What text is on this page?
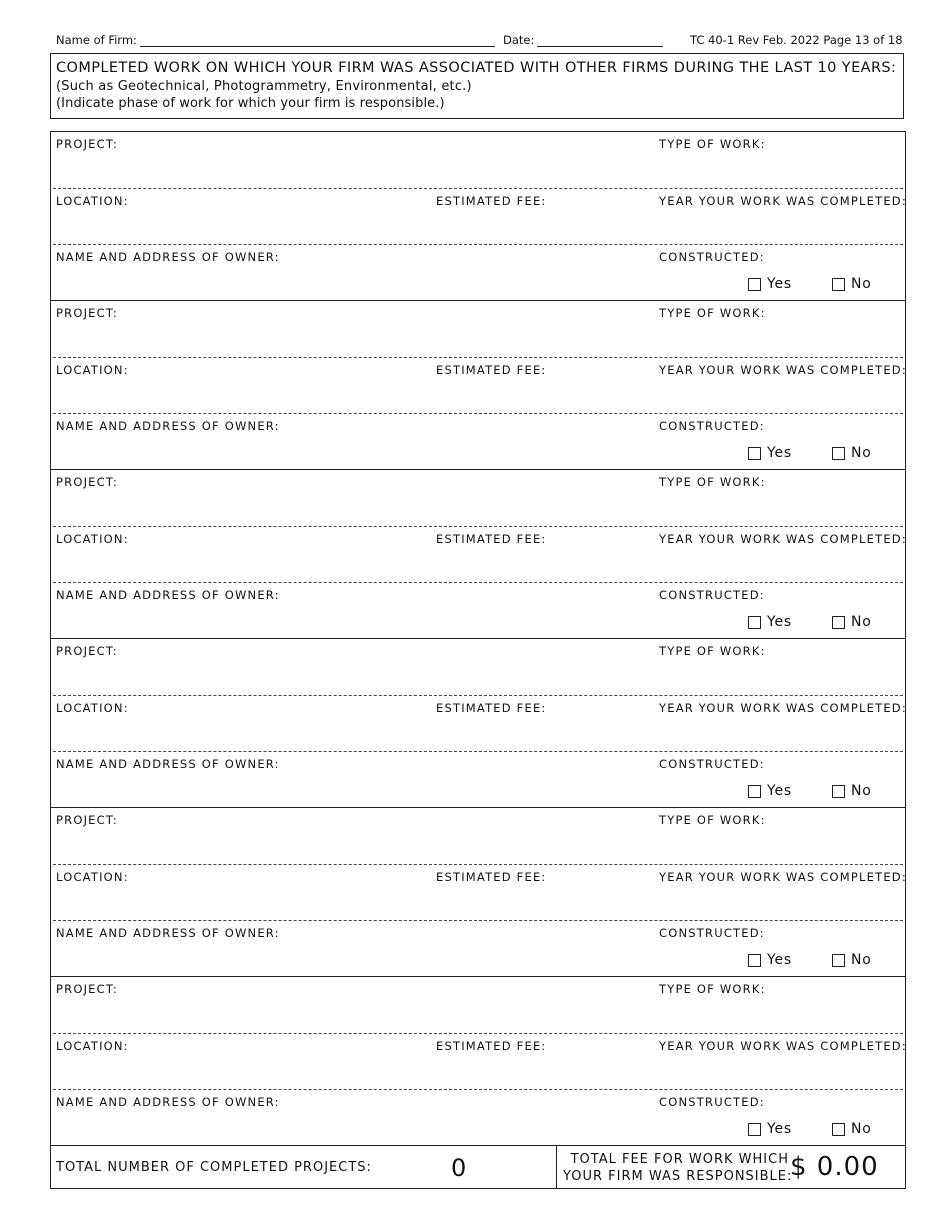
Name of Firm:	Date:	TC 40-1 Rev Feb. 2022 Page 13 of 18
COMPLETED WORK ON WHICH YOUR FIRM WAS ASSOCIATED WITH OTHER FIRMS DURING THE LAST 10 YEARS:
(Such as Geotechnical, Photogrammetry, Environmental, etc.)
(Indicate phase of work for which your firm is responsible.)
PROJECT:	TYPE OF WORK:
LOCATION:	ESTIMATED FEE:	YEAR YOUR WORK WAS COMPLETED:
NAME AND ADDRESS OF OWNER:	CONSTRUCTED:
Yes	No
PROJECT:	TYPE OF WORK:
LOCATION:	ESTIMATED FEE:	YEAR YOUR WORK WAS COMPLETED:
NAME AND ADDRESS OF OWNER:	CONSTRUCTED:
Yes	No
PROJECT:	TYPE OF WORK:
LOCATION:	ESTIMATED FEE:	YEAR YOUR WORK WAS COMPLETED:
NAME AND ADDRESS OF OWNER:	CONSTRUCTED:
Yes	No
PROJECT:	TYPE OF WORK:
LOCATION:	ESTIMATED FEE:	YEAR YOUR WORK WAS COMPLETED:
NAME AND ADDRESS OF OWNER:	CONSTRUCTED:
Yes	No
PROJECT:	TYPE OF WORK:
LOCATION:	ESTIMATED FEE:	YEAR YOUR WORK WAS COMPLETED:
NAME AND ADDRESS OF OWNER:	CONSTRUCTED:
Yes	No
PROJECT:	TYPE OF WORK:
LOCATION:	ESTIMATED FEE:	YEAR YOUR WORK WAS COMPLETED:
NAME AND ADDRESS OF OWNER:	CONSTRUCTED:
Yes	No
TOTAL NUMBER OF COMPLETED PROJECTS:	0	TOTAL FEE FOR WORK WHICH
YOUR FIRM WAS RESPONSIBLE:
$ 0.00
